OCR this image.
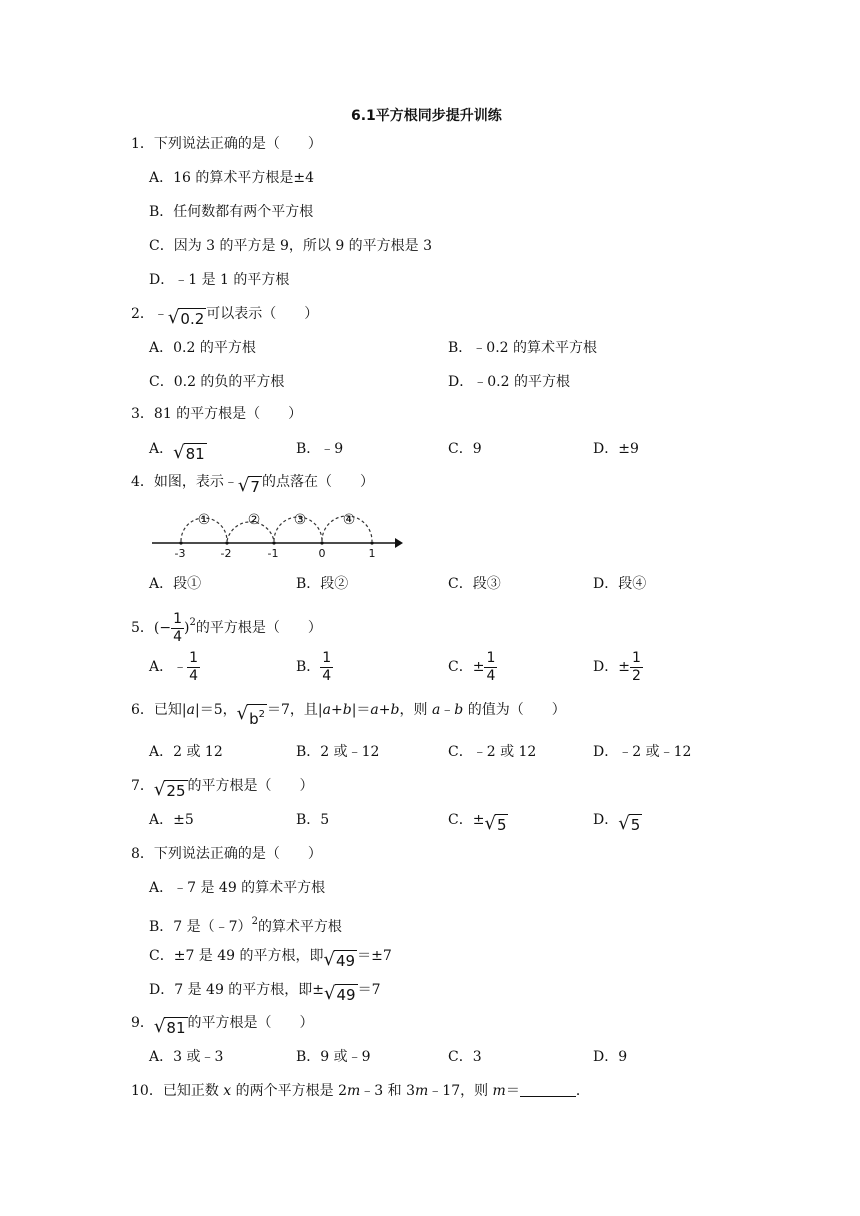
6.1平方根同步提升训练
1．下列说法正确的是（　　）
A．16 的算术平方根是±4
B．任何数都有两个平方根
C．因为 3 的平方是 9，所以 9 的平方根是 3
D．﹣1 是 1 的平方根
2．﹣ √ 0.2 可以表示（　　）
A．0.2 的平方根	B．﹣0.2 的算术平方根
C．0.2 的负的平方根	D．﹣0.2 的平方根
3．81 的平方根是（　　）
A． √ 81	B．﹣9	C．9	D．±9
4．如图，表示﹣ √ 7 的点落在（　　）
-3	-2	-1	0	1
①	② ③	④
A．段①	B．段②	C．段③	D．段④
5．(− $\frac{1}{4} )^2$的平方根是（　　）
A．﹣ $\frac{1}{4}$	B． $\frac{1}{4}$	C．± $\frac{1}{4}$	D．± $\frac{1}{2}$
6．已知|a|＝5， √ $b^2 =7$，且|a+b|＝a+b，则 a﹣b 的值为（　　）
A．2 或 12	B．2 或﹣12	C．﹣2 或 12	D．﹣2 或﹣12
7． √ 25 的平方根是（　　）
A．±5	B．5	C．± √ 5	D． √ 5
8．下列说法正确的是（　　）
A．﹣7 是 49 的算术平方根
B．7 是（﹣7）$^2$的算术平方根
C．±7 是 49 的平方根，即 √ 49 ＝±7
D．7 是 49 的平方根，即± √ 49 ＝7
9． √ 81 的平方根是（　　）
A．3 或﹣3	B．9 或﹣9	C．3	D．9
10．已知正数 x 的两个平方根是 2m﹣3 和 3m﹣17，则 m＝	．
